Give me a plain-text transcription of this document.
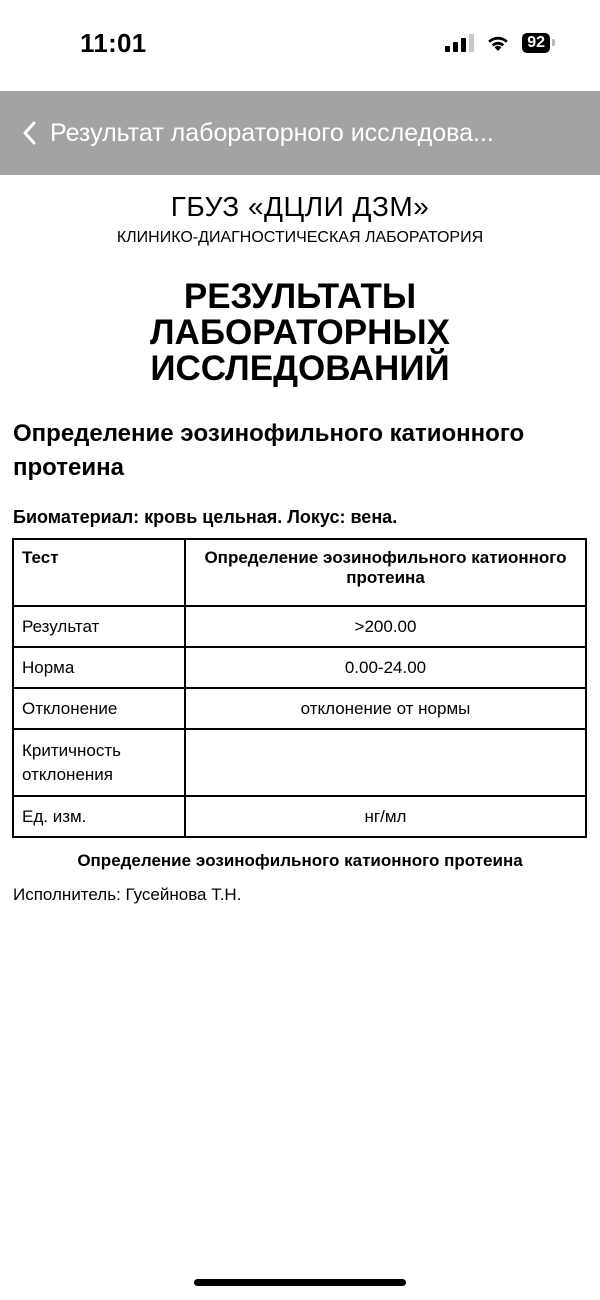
11:01	92
Результат лабораторного исследова...
ГБУЗ «ДЦЛИ ДЗМ»
КЛИНИКО-ДИАГНОСТИЧЕСКАЯ ЛАБОРАТОРИЯ
РЕЗУЛЬТАТЫ
ЛАБОРАТОРНЫХ
ИССЛЕДОВАНИЙ
Определение эозинофильного катионного протеина
Биоматериал: кровь цельная. Локус: вена.
Тест	Определение эозинофильного катионного протеина
Результат	>200.00
Норма	0.00-24.00
Отклонение	отклонение от нормы
Критичность отклонения	
Ед. изм.	нг/мл
Определение эозинофильного катионного протеина
Исполнитель: Гусейнова Т.Н.
